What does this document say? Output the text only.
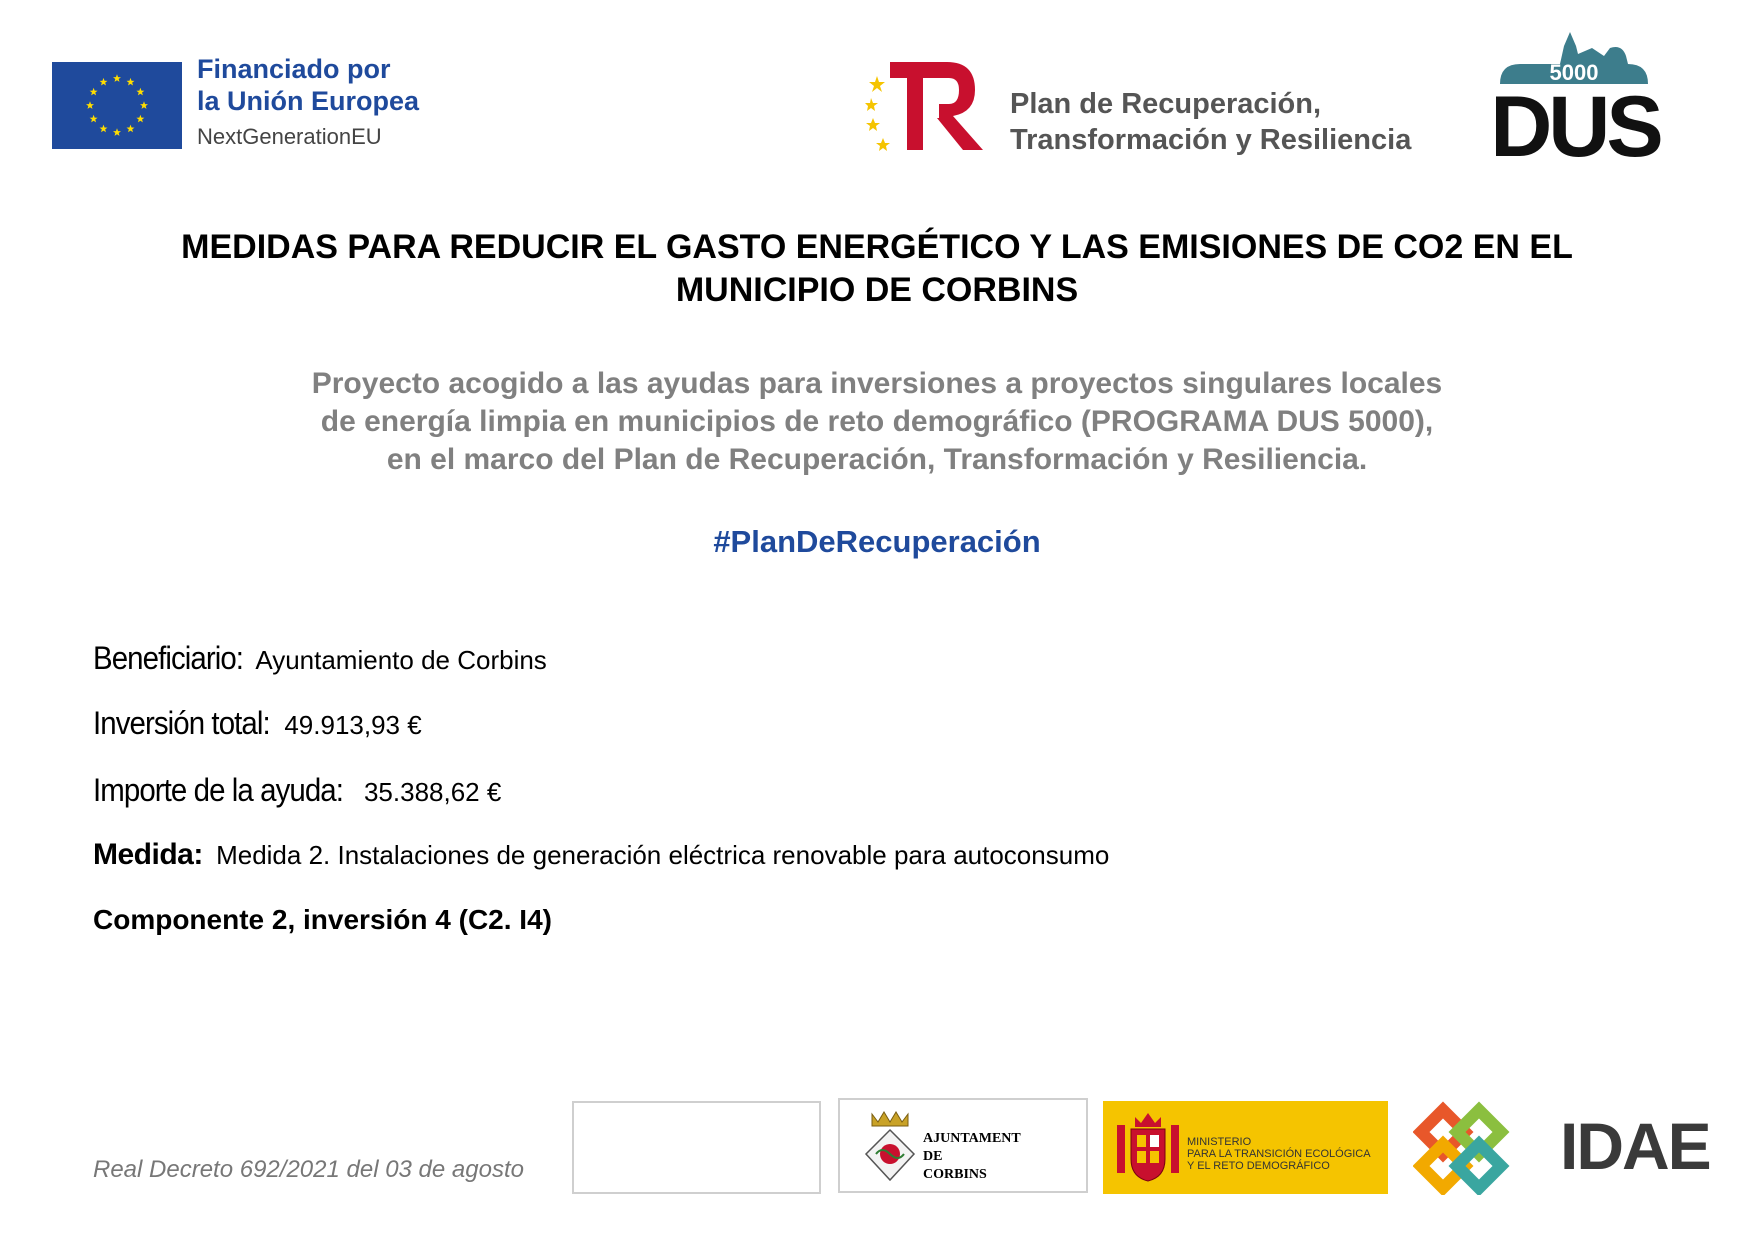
Financiado por
la Unión Europea
NextGenerationEU
Plan de Recuperación,
Transformación y Resiliencia
5000
DUS
MEDIDAS PARA REDUCIR EL GASTO ENERGÉTICO Y LAS EMISIONES DE CO2 EN EL
MUNICIPIO DE CORBINS
Proyecto acogido a las ayudas para inversiones a proyectos singulares locales
de energía limpia en municipios de reto demográfico (PROGRAMA DUS 5000),
en el marco del Plan de Recuperación, Transformación y Resiliencia.
#PlanDeRecuperación
Beneficiario: Ayuntamiento de Corbins
Inversión total: 49.913,93 €
Importe de la ayuda: 35.388,62 €
Medida: Medida 2. Instalaciones de generación eléctrica renovable para autoconsumo
Componente 2, inversión 4 (C2. I4)
Real Decreto 692/2021 del 03 de agosto
AJUNTAMENT
DE
CORBINS
MINISTERIO
PARA LA TRANSICIÓN ECOLÓGICA
Y EL RETO DEMOGRÁFICO	IDAE
